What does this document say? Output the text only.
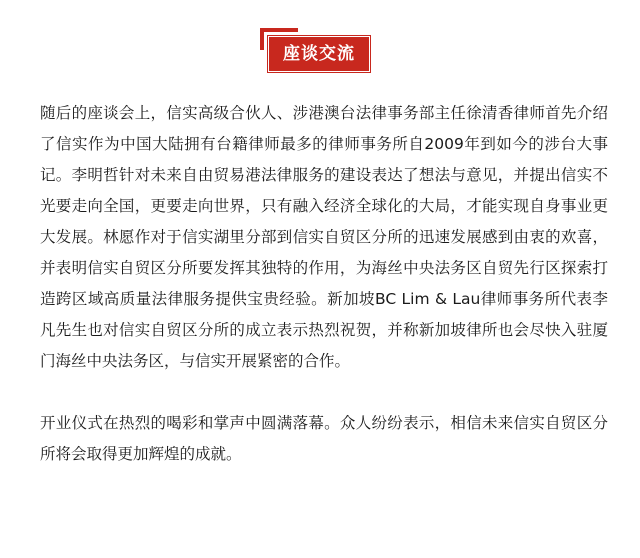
座谈交流

随后的座谈会上，信实高级合伙人、涉港澳台法律事务部主任徐清香律师首先介绍了信实作为中国大陆拥有台籍律师最多的律师事务所自2009年到如今的涉台大事记。李明哲针对未来自由贸易港法律服务的建设表达了想法与意见，并提出信实不光要走向全国，更要走向世界，只有融入经济全球化的大局，才能实现自身事业更大发展。林愿作对于信实湖里分部到信实自贸区分所的迅速发展感到由衷的欢喜，并表明信实自贸区分所要发挥其独特的作用，为海丝中央法务区自贸先行区探索打造跨区域高质量法律服务提供宝贵经验。新加坡BC Lim & Lau律师事务所代表李凡先生也对信实自贸区分所的成立表示热烈祝贺，并称新加坡律所也会尽快入驻厦门海丝中央法务区，与信实开展紧密的合作。

开业仪式在热烈的喝彩和掌声中圆满落幕。众人纷纷表示，相信未来信实自贸区分所将会取得更加辉煌的成就。
